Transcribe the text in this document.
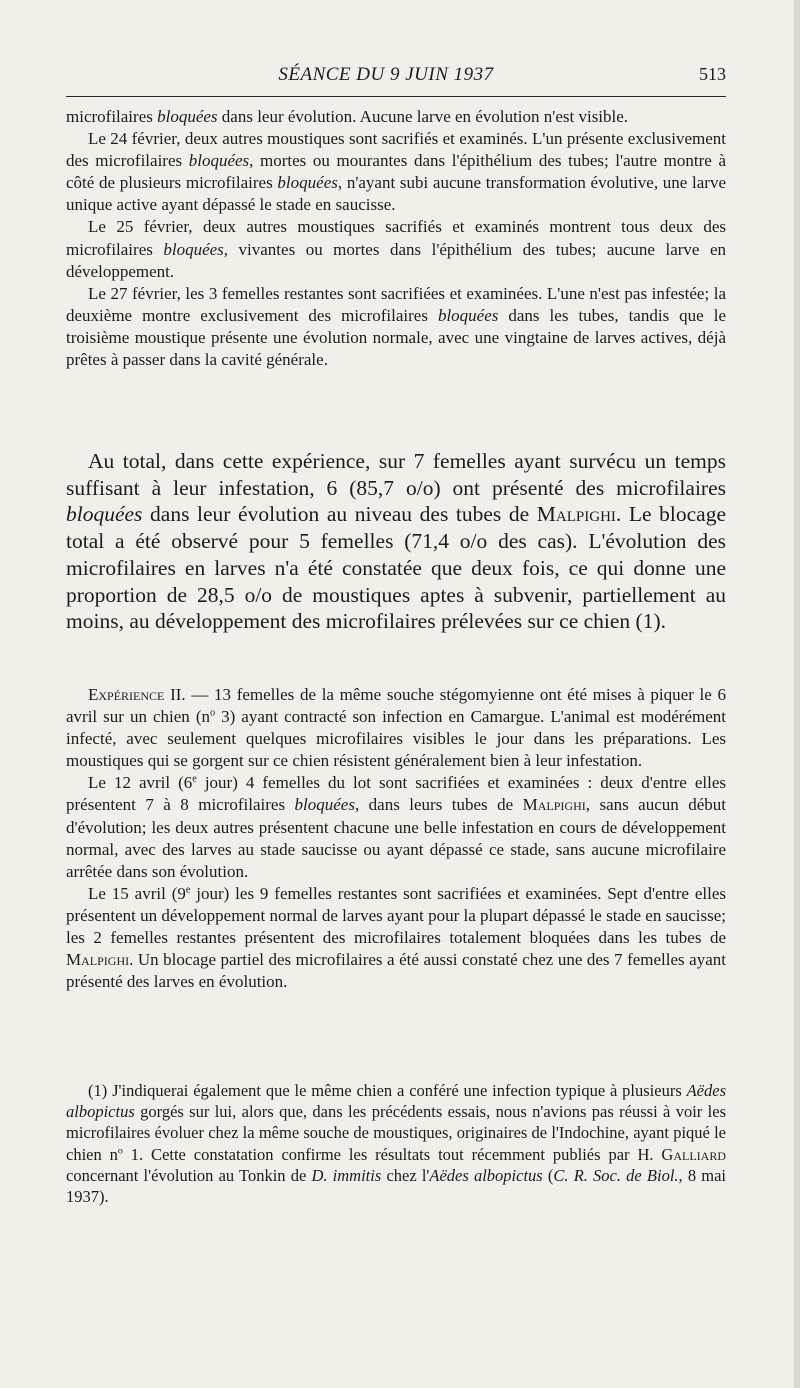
SÉANCE DU 9 JUIN 1937	513

microfilaires bloquées dans leur évolution. Aucune larve en évolution n'est visible.

Le 24 février, deux autres moustiques sont sacrifiés et examinés. L'un présente exclusivement des microfilaires bloquées, mortes ou mourantes dans l'épithélium des tubes; l'autre montre à côté de plusieurs microfilaires bloquées, n'ayant subi aucune transformation évolutive, une larve unique active ayant dépassé le stade en saucisse.

Le 25 février, deux autres moustiques sacrifiés et examinés montrent tous deux des microfilaires bloquées, vivantes ou mortes dans l'épithélium des tubes; aucune larve en développement.

Le 27 février, les 3 femelles restantes sont sacrifiées et examinées. L'une n'est pas infestée; la deuxième montre exclusivement des microfilaires bloquées dans les tubes, tandis que le troisième moustique présente une évolution normale, avec une vingtaine de larves actives, déjà prêtes à passer dans la cavité générale.

Au total, dans cette expérience, sur 7 femelles ayant survécu un temps suffisant à leur infestation, 6 (85,7 o/o) ont présenté des microfilaires bloquées dans leur évolution au niveau des tubes de Malpighi. Le blocage total a été observé pour 5 femelles (71,4 o/o des cas). L'évolution des microfilaires en larves n'a été constatée que deux fois, ce qui donne une proportion de 28,5 o/o de moustiques aptes à subvenir, partiellement au moins, au développement des microfilaires prélevées sur ce chien (1).

Expérience II. — 13 femelles de la même souche stégomyienne ont été mises à piquer le 6 avril sur un chien ($n^o$ 3) ayant contracté son infection en Camargue. L'animal est modérément infecté, avec seulement quelques microfilaires visibles le jour dans les préparations. Les moustiques qui se gorgent sur ce chien résistent généralement bien à leur infestation.

Le 12 avril (6e jour) 4 femelles du lot sont sacrifiées et examinées : deux d'entre elles présentent 7 à 8 microfilaires bloquées, dans leurs tubes de Malpighi, sans aucun début d'évolution; les deux autres présentent chacune une belle infestation en cours de développement normal, avec des larves au stade saucisse ou ayant dépassé ce stade, sans aucune microfilaire arrêtée dans son évolution.

Le 15 avril (9e jour) les 9 femelles restantes sont sacrifiées et examinées. Sept d'entre elles présentent un développement normal de larves ayant pour la plupart dépassé le stade en saucisse; les 2 femelles restantes présentent des microfilaires totalement bloquées dans les tubes de Malpighi. Un blocage partiel des microfilaires a été aussi constaté chez une des 7 femelles ayant présenté des larves en évolution.

(1) J'indiquerai également que le même chien a conféré une infection typique à plusieurs Aëdes albopictus gorgés sur lui, alors que, dans les précédents essais, nous n'avions pas réussi à voir les microfilaires évoluer chez la même souche de moustiques, originaires de l'Indochine, ayant piqué le chien $n^o$ 1. Cette constatation confirme les résultats tout récemment publiés par H. Galliard concernant l'évolution au Tonkin de D. immitis chez l'Aëdes albopictus (C. R. Soc. de Biol., 8 mai 1937).
